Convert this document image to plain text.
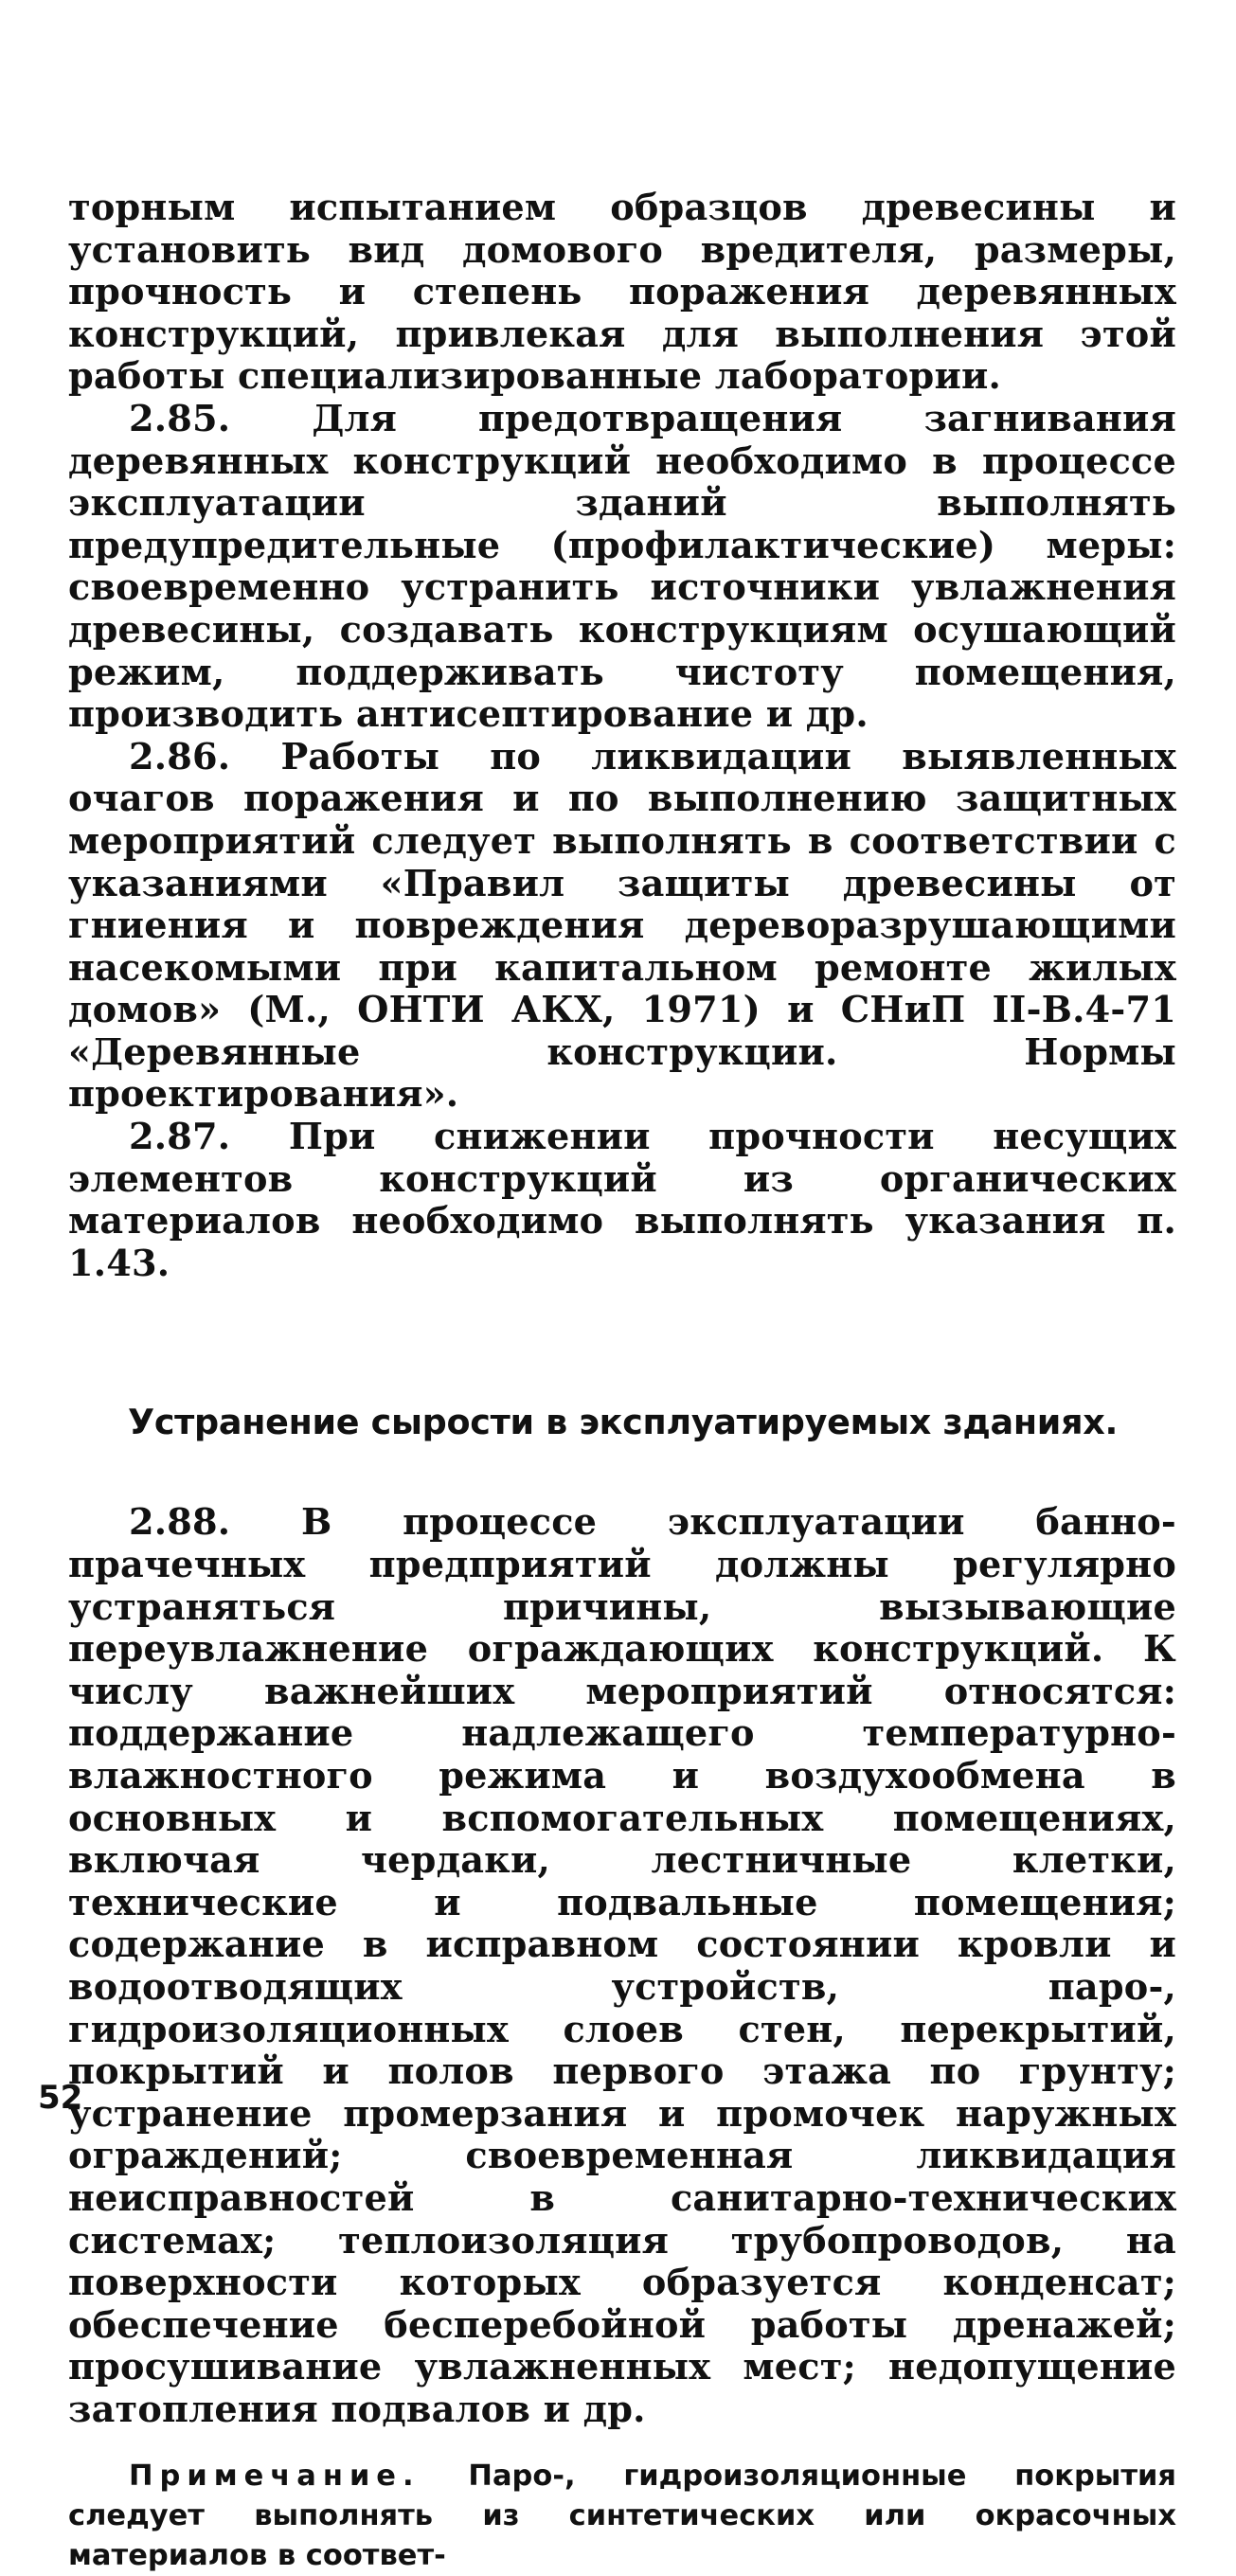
торным испытанием образцов древесины и установить вид домового вредителя, размеры, прочность и степень поражения деревянных конструкций, привлекая для выполнения этой работы специализированные лаборатории.

2.85. Для предотвращения загнивания деревянных конструкций необходимо в процессе эксплуатации зданий выполнять предупредительные (профилактические) меры: своевременно устранить источники увлажнения древесины, создавать конструкциям осушающий режим, поддерживать чистоту помещения, производить антисептирование и др.

2.86. Работы по ликвидации выявленных очагов поражения и по выполнению защитных мероприятий следует выполнять в соответствии с указаниями «Правил защиты древесины от гниения и повреждения дереворазрушающими насекомыми при капитальном ремонте жилых домов» (М., ОНТИ АКХ, 1971) и СНиП II-В.4-71 «Деревянные конструкции. Нормы проектирования».

2.87. При снижении прочности несущих элементов конструкций из органических материалов необходимо выполнять указания п. 1.43.

Устранение сырости в эксплуатируемых зданиях.

2.88. В процессе эксплуатации банно-прачечных предприятий должны регулярно устраняться причины, вызывающие переувлажнение ограждающих конструкций. К числу важнейших мероприятий относятся: поддержание надлежащего температурно-влажностного режима и воздухообмена в основных и вспомогательных помещениях, включая чердаки, лестничные клетки, технические и подвальные помещения; содержание в исправном состоянии кровли и водоотводящих устройств, паро-, гидроизоляционных слоев стен, перекрытий, покрытий и полов первого этажа по грунту; устранение промерзания и промочек наружных ограждений; своевременная ликвидация неисправностей в санитарно-технических системах; теплоизоляция трубопроводов, на поверхности которых образуется конденсат; обеспечение бесперебойной работы дренажей; просушивание увлажненных мест; недопущение затопления подвалов и др.

Примечание. Паро-, гидроизоляционные покрытия следует выполнять из синтетических или окрасочных материалов в соответ-

52
